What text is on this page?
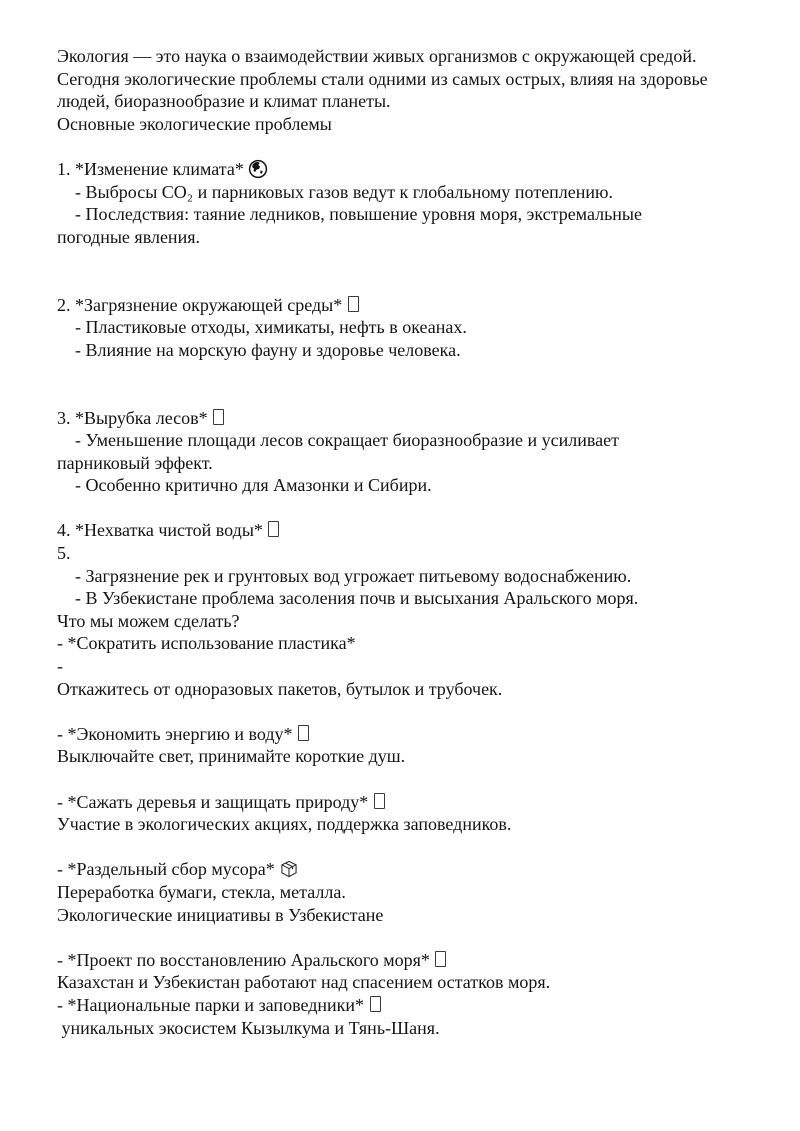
Экология — это наука о взаимодействии живых организмов с окружающей средой.
Сегодня экологические проблемы стали одними из самых острых, влияя на здоровье
людей, биоразнообразие и климат планеты.
Основные экологические проблемы

1. *Изменение климата*
- Выбросы CO₂ и парниковых газов ведут к глобальному потеплению.
- Последствия: таяние ледников, повышение уровня моря, экстремальные
погодные явления.

2. *Загрязнение окружающей среды*
- Пластиковые отходы, химикаты, нефть в океанах.
- Влияние на морскую фауну и здоровье человека.

3. *Вырубка лесов*
- Уменьшение площади лесов сокращает биоразнообразие и усиливает
парниковый эффект.
- Особенно критично для Амазонки и Сибири.

4. *Нехватка чистой воды*
5.
- Загрязнение рек и грунтовых вод угрожает питьевому водоснабжению.
- В Узбекистане проблема засоления почв и высыхания Аральского моря.
Что мы можем сделать?
- *Сократить использование пластика*
-
Откажитесь от одноразовых пакетов, бутылок и трубочек.

- *Экономить энергию и воду*
Выключайте свет, принимайте короткие душ.

- *Сажать деревья и защищать природу*
Участие в экологических акциях, поддержка заповедников.

- *Раздельный сбор мусора*
Переработка бумаги, стекла, металла.
Экологические инициативы в Узбекистане

- *Проект по восстановлению Аральского моря*
Казахстан и Узбекистан работают над спасением остатков моря.
- *Национальные парки и заповедники*
уникальных экосистем Кызылкума и Тянь-Шаня.
